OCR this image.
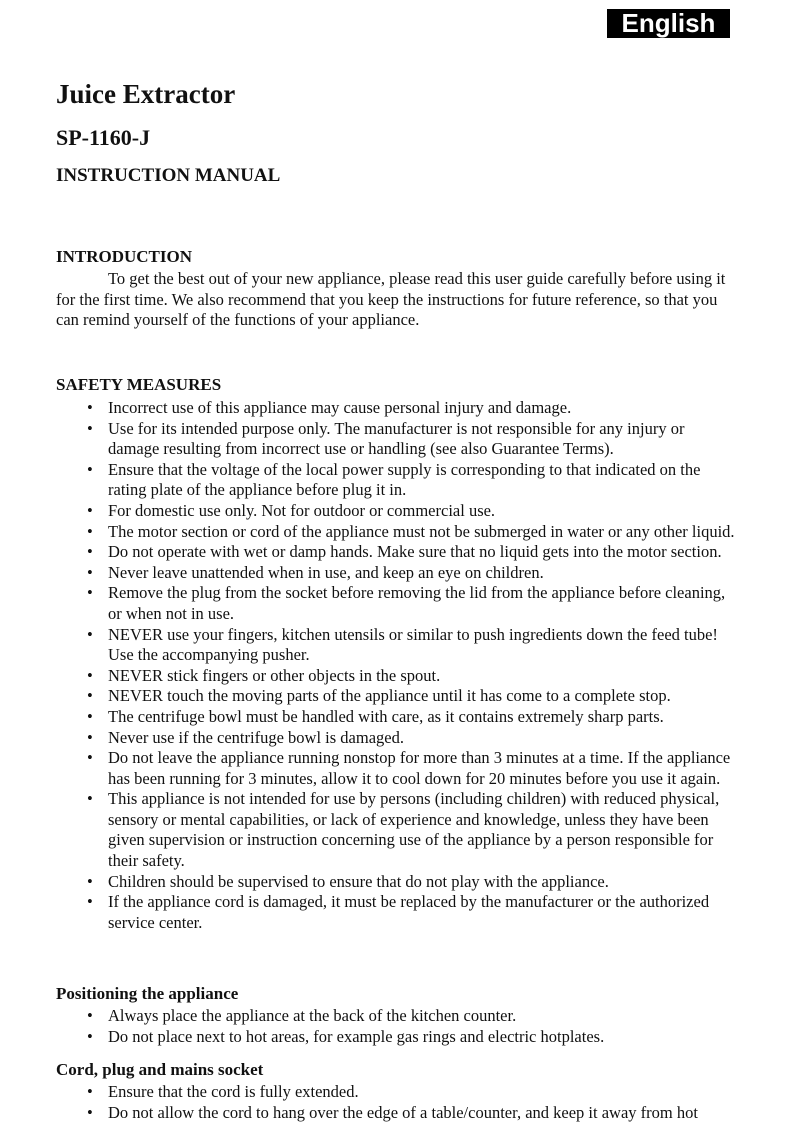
English
Juice Extractor
SP-1160-J
INSTRUCTION MANUAL
INTRODUCTION
To get the best out of your new appliance, please read this user guide carefully before using it
for the first time. We also recommend that you keep the instructions for future reference, so that you
can remind yourself of the functions of your appliance.
SAFETY MEASURES
• Incorrect use of this appliance may cause personal injury and damage.
• Use for its intended purpose only. The manufacturer is not responsible for any injury or
damage resulting from incorrect use or handling (see also Guarantee Terms).
• Ensure that the voltage of the local power supply is corresponding to that indicated on the
rating plate of the appliance before plug it in.
• For domestic use only. Not for outdoor or commercial use.
• The motor section or cord of the appliance must not be submerged in water or any other liquid.
• Do not operate with wet or damp hands. Make sure that no liquid gets into the motor section.
• Never leave unattended when in use, and keep an eye on children.
• Remove the plug from the socket before removing the lid from the appliance before cleaning,
or when not in use.
• NEVER use your fingers, kitchen utensils or similar to push ingredients down the feed tube!
Use the accompanying pusher.
• NEVER stick fingers or other objects in the spout.
• NEVER touch the moving parts of the appliance until it has come to a complete stop.
• The centrifuge bowl must be handled with care, as it contains extremely sharp parts.
• Never use if the centrifuge bowl is damaged.
• Do not leave the appliance running nonstop for more than 3 minutes at a time. If the appliance
has been running for 3 minutes, allow it to cool down for 20 minutes before you use it again.
• This appliance is not intended for use by persons (including children) with reduced physical,
sensory or mental capabilities, or lack of experience and knowledge, unless they have been
given supervision or instruction concerning use of the appliance by a person responsible for
their safety.
• Children should be supervised to ensure that do not play with the appliance.
• If the appliance cord is damaged, it must be replaced by the manufacturer or the authorized
service center.
Positioning the appliance
• Always place the appliance at the back of the kitchen counter.
• Do not place next to hot areas, for example gas rings and electric hotplates.
Cord, plug and mains socket
• Ensure that the cord is fully extended.
• Do not allow the cord to hang over the edge of a table/counter, and keep it away from hot
